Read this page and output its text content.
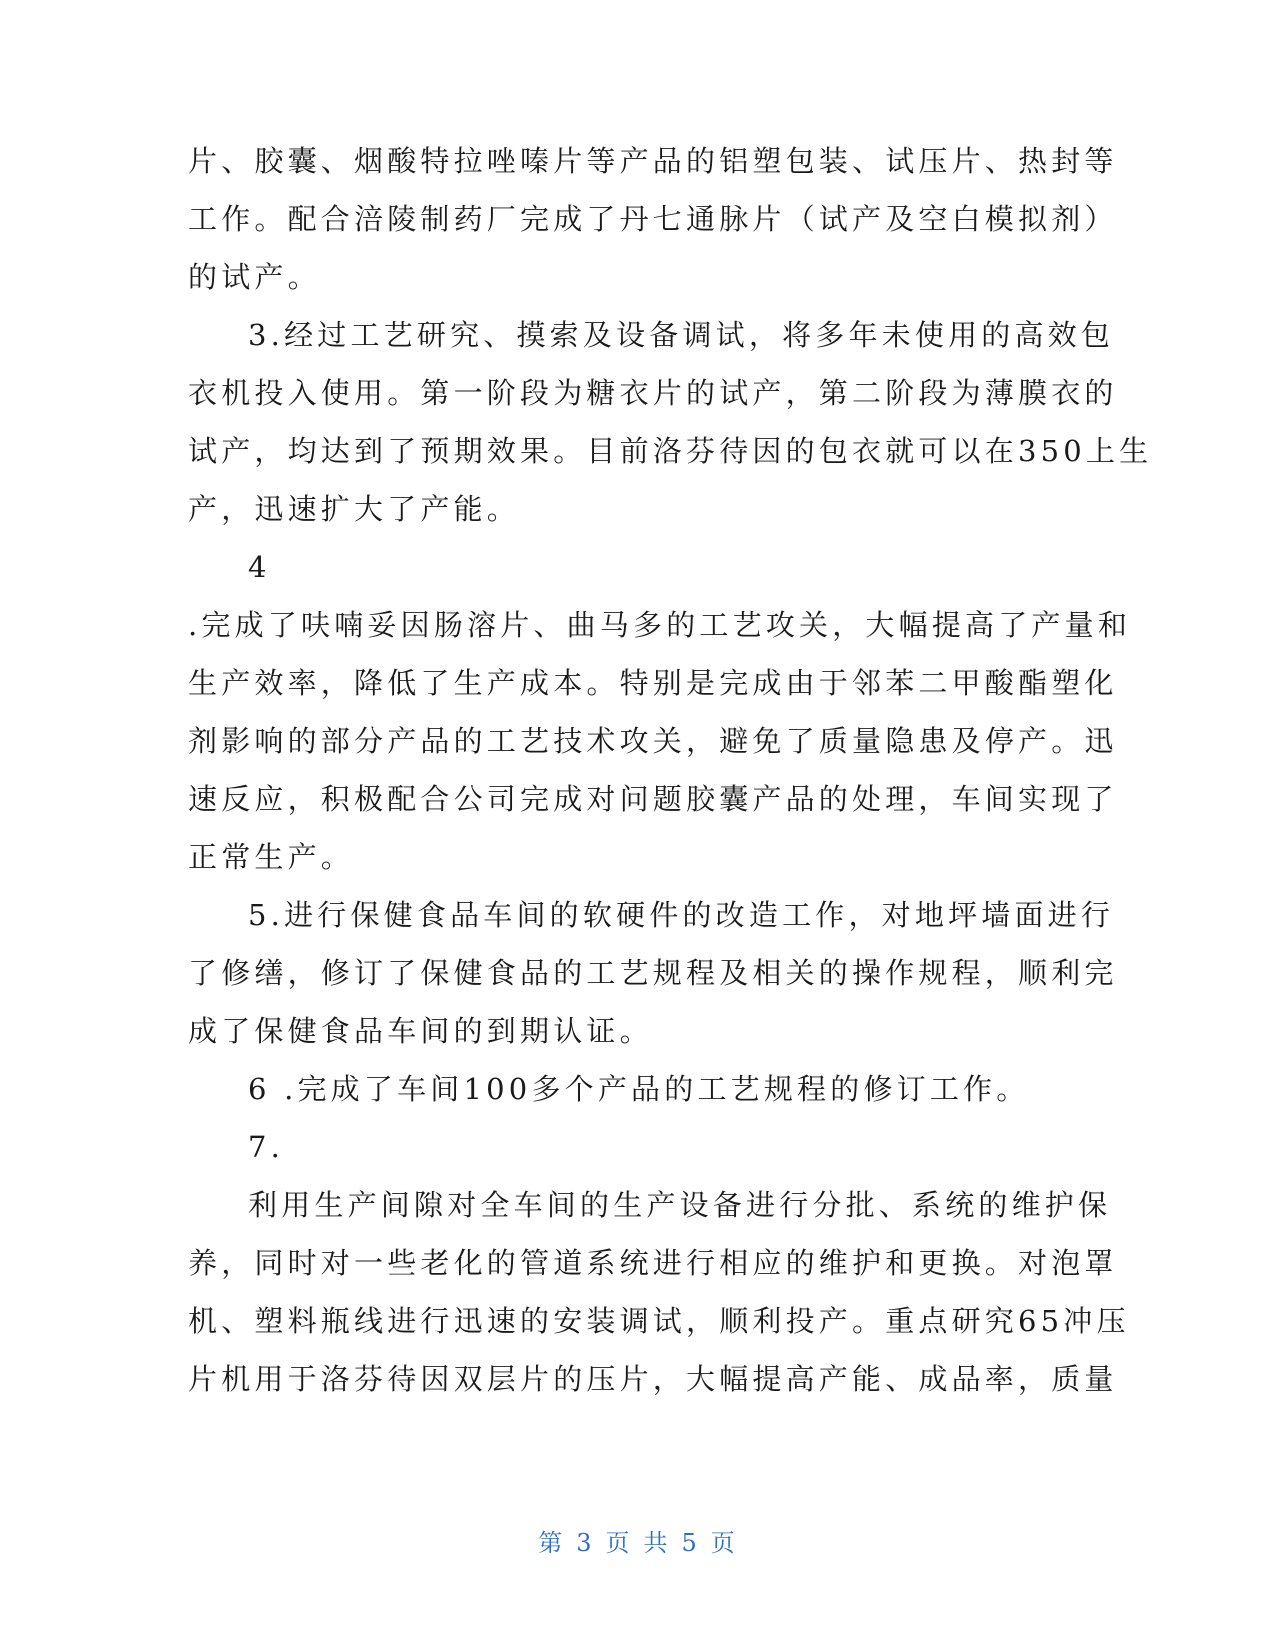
片、胶囊、烟酸特拉唑嗪片等产品的铝塑包装、试压片、热封等
工作。配合涪陵制药厂完成了丹七通脉片（试产及空白模拟剂）
的试产。
3.经过工艺研究、摸索及设备调试，将多年未使用的高效包
衣机投入使用。第一阶段为糖衣片的试产，第二阶段为薄膜衣的
试产，均达到了预期效果。目前洛芬待因的包衣就可以在350上生
产，迅速扩大了产能。
4
.完成了呋喃妥因肠溶片、曲马多的工艺攻关，大幅提高了产量和
生产效率，降低了生产成本。特别是完成由于邻苯二甲酸酯塑化
剂影响的部分产品的工艺技术攻关，避免了质量隐患及停产。迅
速反应，积极配合公司完成对问题胶囊产品的处理，车间实现了
正常生产。
5.进行保健食品车间的软硬件的改造工作，对地坪墙面进行
了修缮，修订了保健食品的工艺规程及相关的操作规程，顺利完
成了保健食品车间的到期认证。
6 .完成了车间100多个产品的工艺规程的修订工作。
7.
利用生产间隙对全车间的生产设备进行分批、系统的维护保
养，同时对一些老化的管道系统进行相应的维护和更换。对泡罩
机、塑料瓶线进行迅速的安装调试，顺利投产。重点研究65冲压
片机用于洛芬待因双层片的压片，大幅提高产能、成品率，质量
第 3 页 共 5 页
